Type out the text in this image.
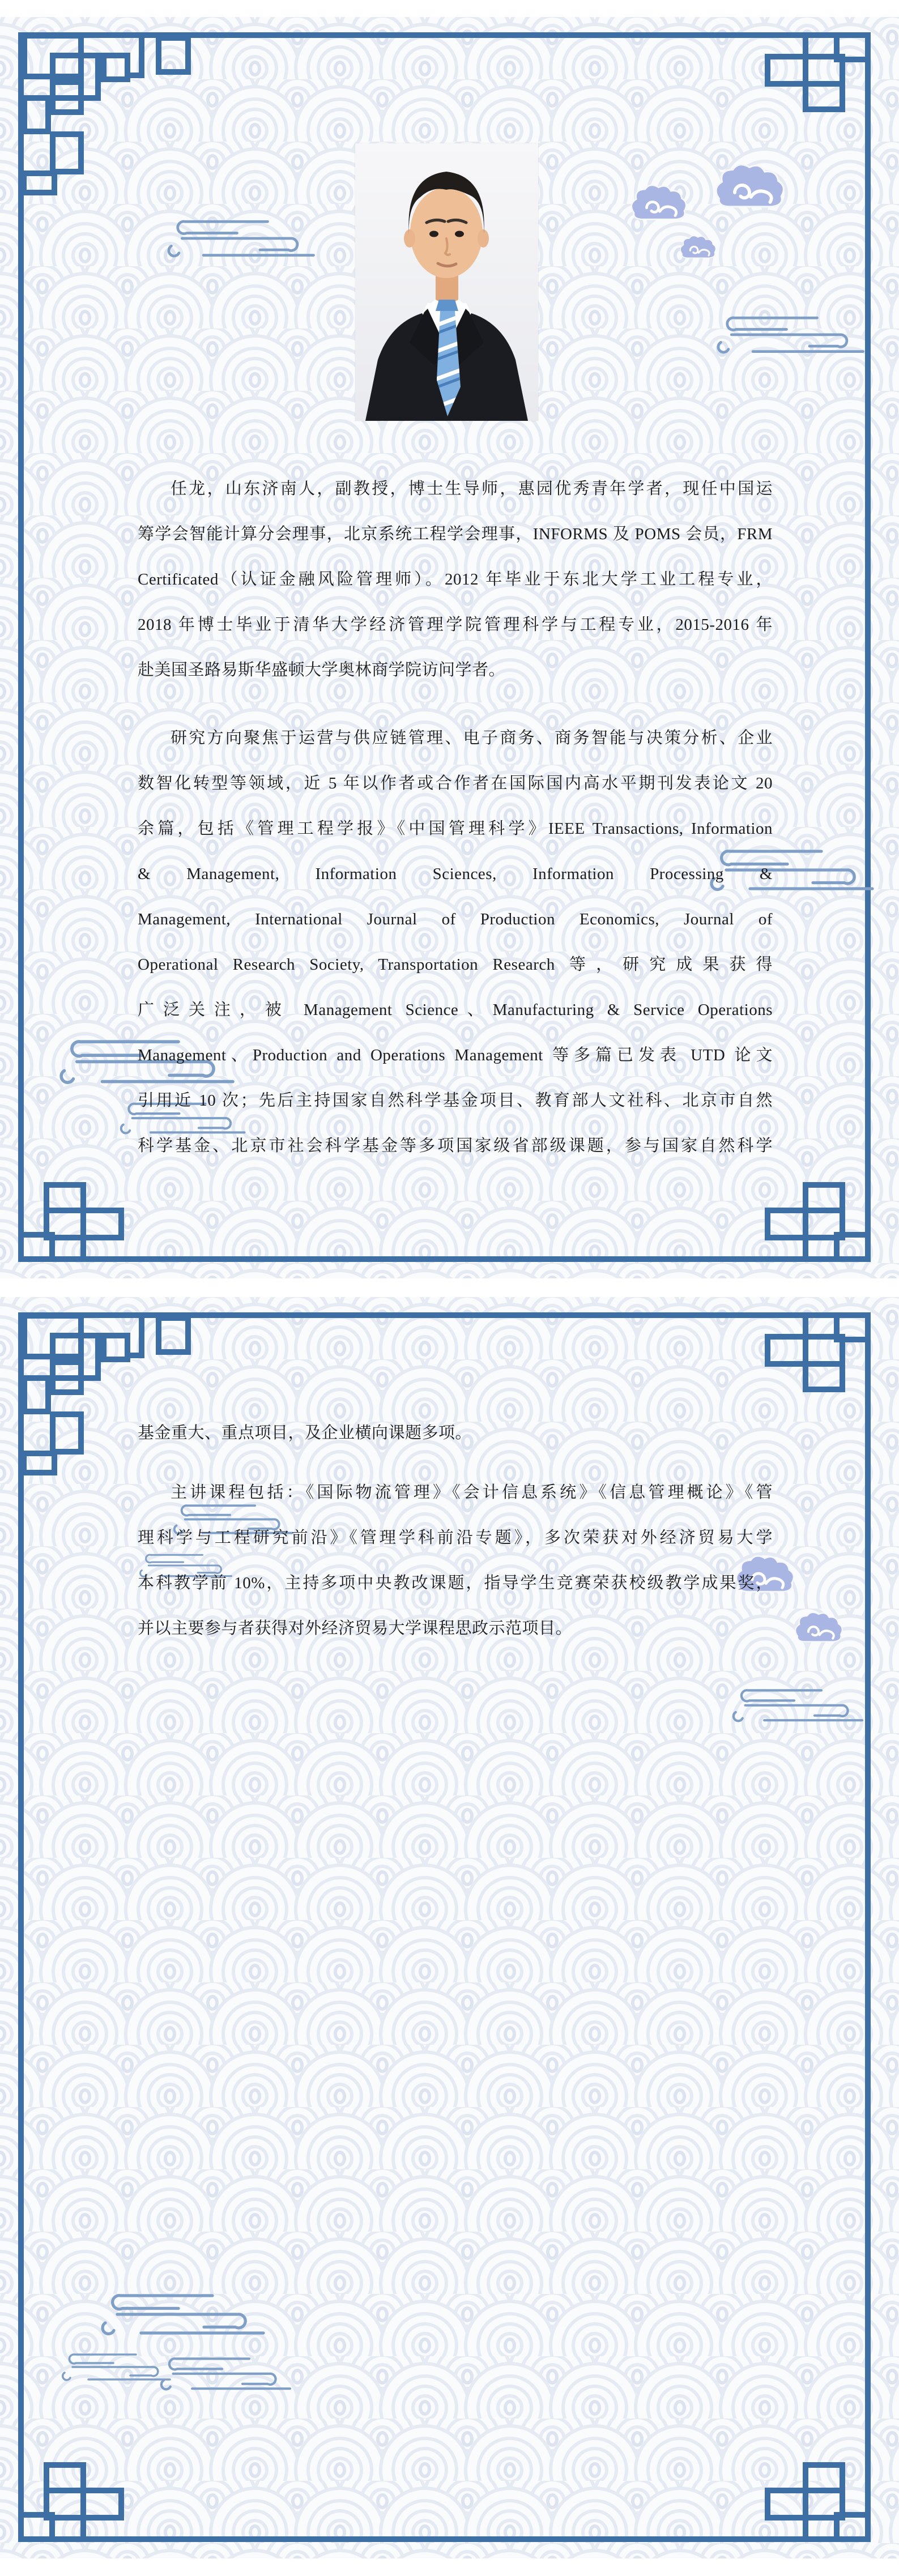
任龙，山东济南人，副教授，博士生导师，惠园优秀青年学者，现任中国运
筹学会智能计算分会理事，北京系统工程学会理事，INFORMS 及 POMS 会员，FRM
Certificated（认证金融风险管理师）。2012 年毕业于东北大学工业工程专业，
2018 年博士毕业于清华大学经济管理学院管理科学与工程专业，2015-2016 年
赴美国圣路易斯华盛顿大学奥林商学院访问学者。
研究方向聚焦于运营与供应链管理、电子商务、商务智能与决策分析、企业
数智化转型等领域，近 5 年以作者或合作者在国际国内高水平期刊发表论文 20
余篇，包括《管理工程学报》《中国管理科学》IEEE Transactions, Information
& Management, Information Sciences, Information Processing &
Management, International Journal of Production Economics, Journal of
Operational Research Society, Transportation Research 等，研究成果获得
广泛关注，被 Management Science、Manufacturing & Service Operations
Management、Production and Operations Management 等多篇已发表 UTD 论文
引用近 10 次；先后主持国家自然科学基金项目、教育部人文社科、北京市自然
科学基金、北京市社会科学基金等多项国家级省部级课题，参与国家自然科学
基金重大、重点项目，及企业横向课题多项。
主讲课程包括：《国际物流管理》《会计信息系统》《信息管理概论》《管
理科学与工程研究前沿》《管理学科前沿专题》，多次荣获对外经济贸易大学
本科教学前 10%，主持多项中央教改课题，指导学生竞赛荣获校级教学成果奖，
并以主要参与者获得对外经济贸易大学课程思政示范项目。
